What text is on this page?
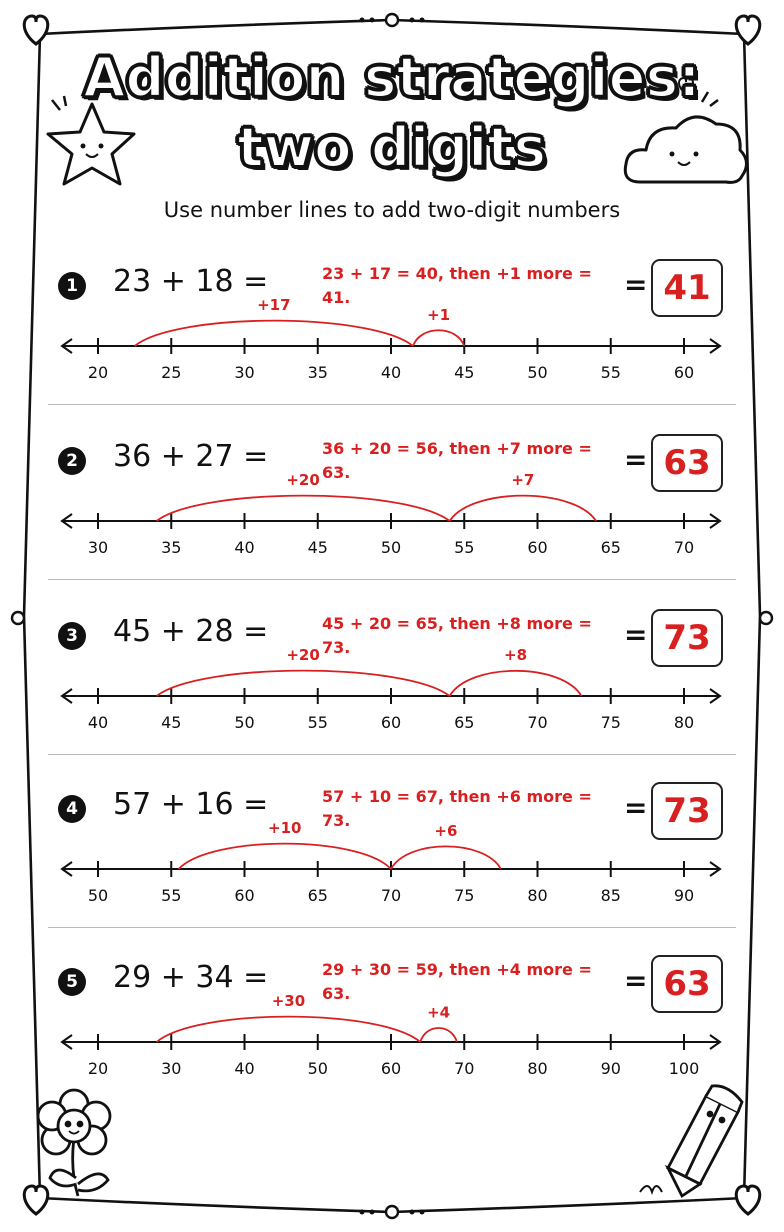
Addition strategies:
two digits
Use number lines to add two-digit numbers
1 23 + 18 =	23 + 17 = 40, then +1 more = 41.	= 41
20	25	30	35	40	45	50	55	60
+17
+1
2 36 + 27 =	36 + 20 = 56, then +7 more = 63.	= 63
30	35	40	45	50	55	60	65	70
+20	+7
3 45 + 28 =	45 + 20 = 65, then +8 more = 73.	= 73
40	45	50	55	60	65	70	75	80
+20	+8
4 57 + 16 =	57 + 10 = 67, then +6 more = 73.	= 73
50	55	60	65	70	75	80	85	90
+10	+6
5 29 + 34 =	29 + 30 = 59, then +4 more = 63.	= 63
20	30	40	50	60	70	80	90	100
+30
+4
